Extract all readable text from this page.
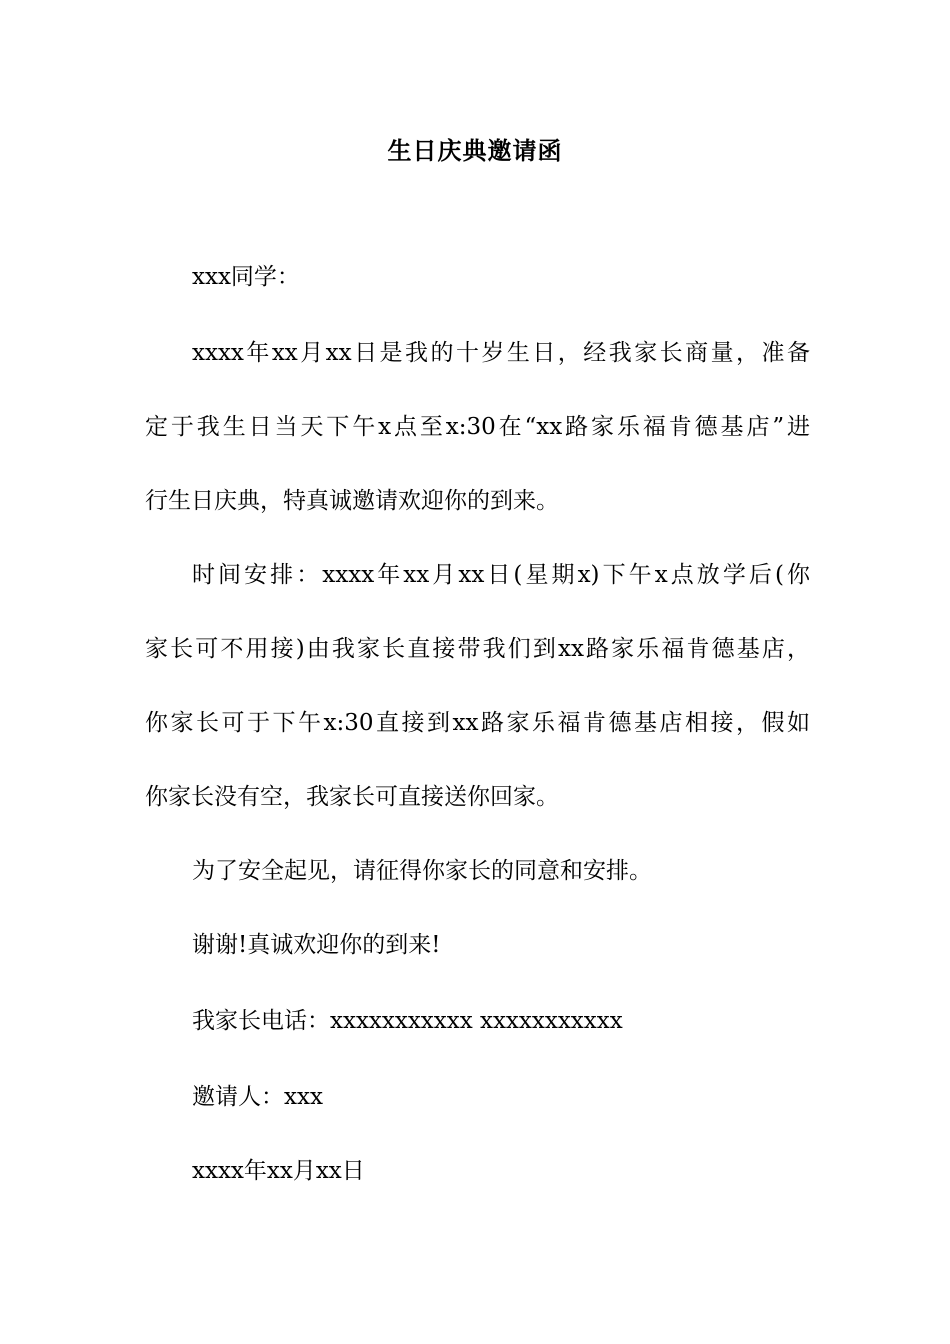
生日庆典邀请函
xxx同学：
xxxx年xx月xx日是我的十岁生日，经我家长商量，准备
定于我生日当天下午x点至x:30在“xx路家乐福肯德基店”进
行生日庆典，特真诚邀请欢迎你的到来。
时间安排：xxxx年xx月xx日(星期x)下午x点放学后(你
家长可不用接)由我家长直接带我们到xx路家乐福肯德基店，
你家长可于下午x:30直接到xx路家乐福肯德基店相接，假如
你家长没有空，我家长可直接送你回家。
为了安全起见，请征得你家长的同意和安排。
谢谢!真诚欢迎你的到来!
我家长电话：xxxxxxxxxxx xxxxxxxxxxx
邀请人：xxx
xxxx年xx月xx日
